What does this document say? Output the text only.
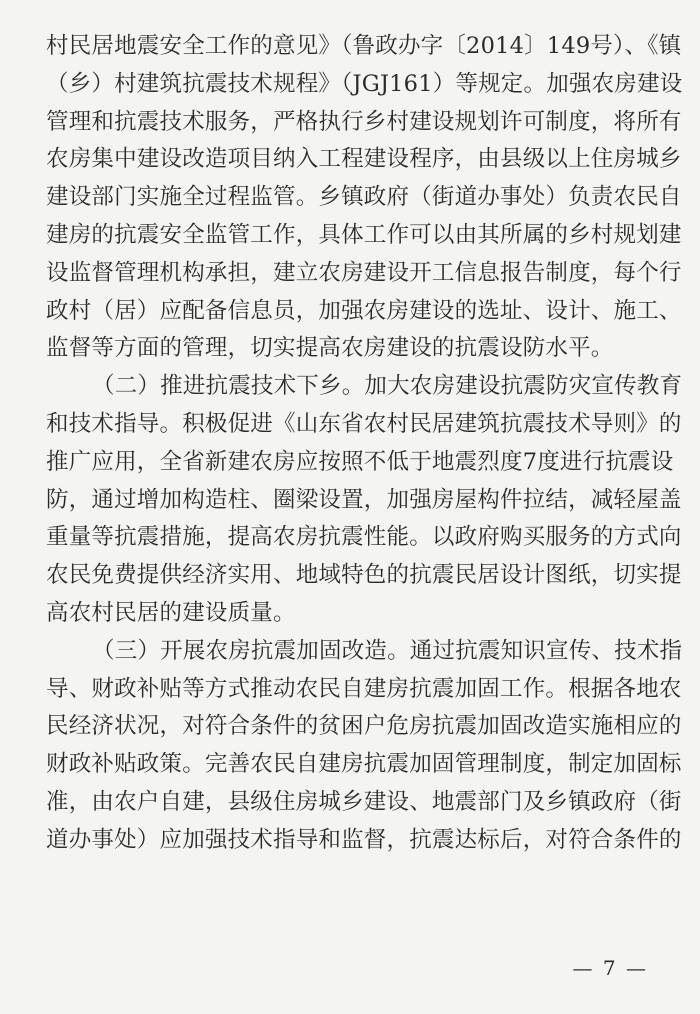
村民居地震安全工作的意见》（鲁政办字〔2014〕149号）、《镇
（乡）村建筑抗震技术规程》（JGJ161）等规定。加强农房建设
管理和抗震技术服务，严格执行乡村建设规划许可制度，将所有
农房集中建设改造项目纳入工程建设程序，由县级以上住房城乡
建设部门实施全过程监管。乡镇政府（街道办事处）负责农民自
建房的抗震安全监管工作，具体工作可以由其所属的乡村规划建
设监督管理机构承担，建立农房建设开工信息报告制度，每个行
政村（居）应配备信息员，加强农房建设的选址、设计、施工、
监督等方面的管理，切实提高农房建设的抗震设防水平。
（二）推进抗震技术下乡。加大农房建设抗震防灾宣传教育
和技术指导。积极促进《山东省农村民居建筑抗震技术导则》的
推广应用，全省新建农房应按照不低于地震烈度7度进行抗震设
防，通过增加构造柱、圈梁设置，加强房屋构件拉结，减轻屋盖
重量等抗震措施，提高农房抗震性能。以政府购买服务的方式向
农民免费提供经济实用、地域特色的抗震民居设计图纸，切实提
高农村民居的建设质量。
（三）开展农房抗震加固改造。通过抗震知识宣传、技术指
导、财政补贴等方式推动农民自建房抗震加固工作。根据各地农
民经济状况，对符合条件的贫困户危房抗震加固改造实施相应的
财政补贴政策。完善农民自建房抗震加固管理制度，制定加固标
准，由农户自建，县级住房城乡建设、地震部门及乡镇政府（街
道办事处）应加强技术指导和监督，抗震达标后，对符合条件的
— 7 —
